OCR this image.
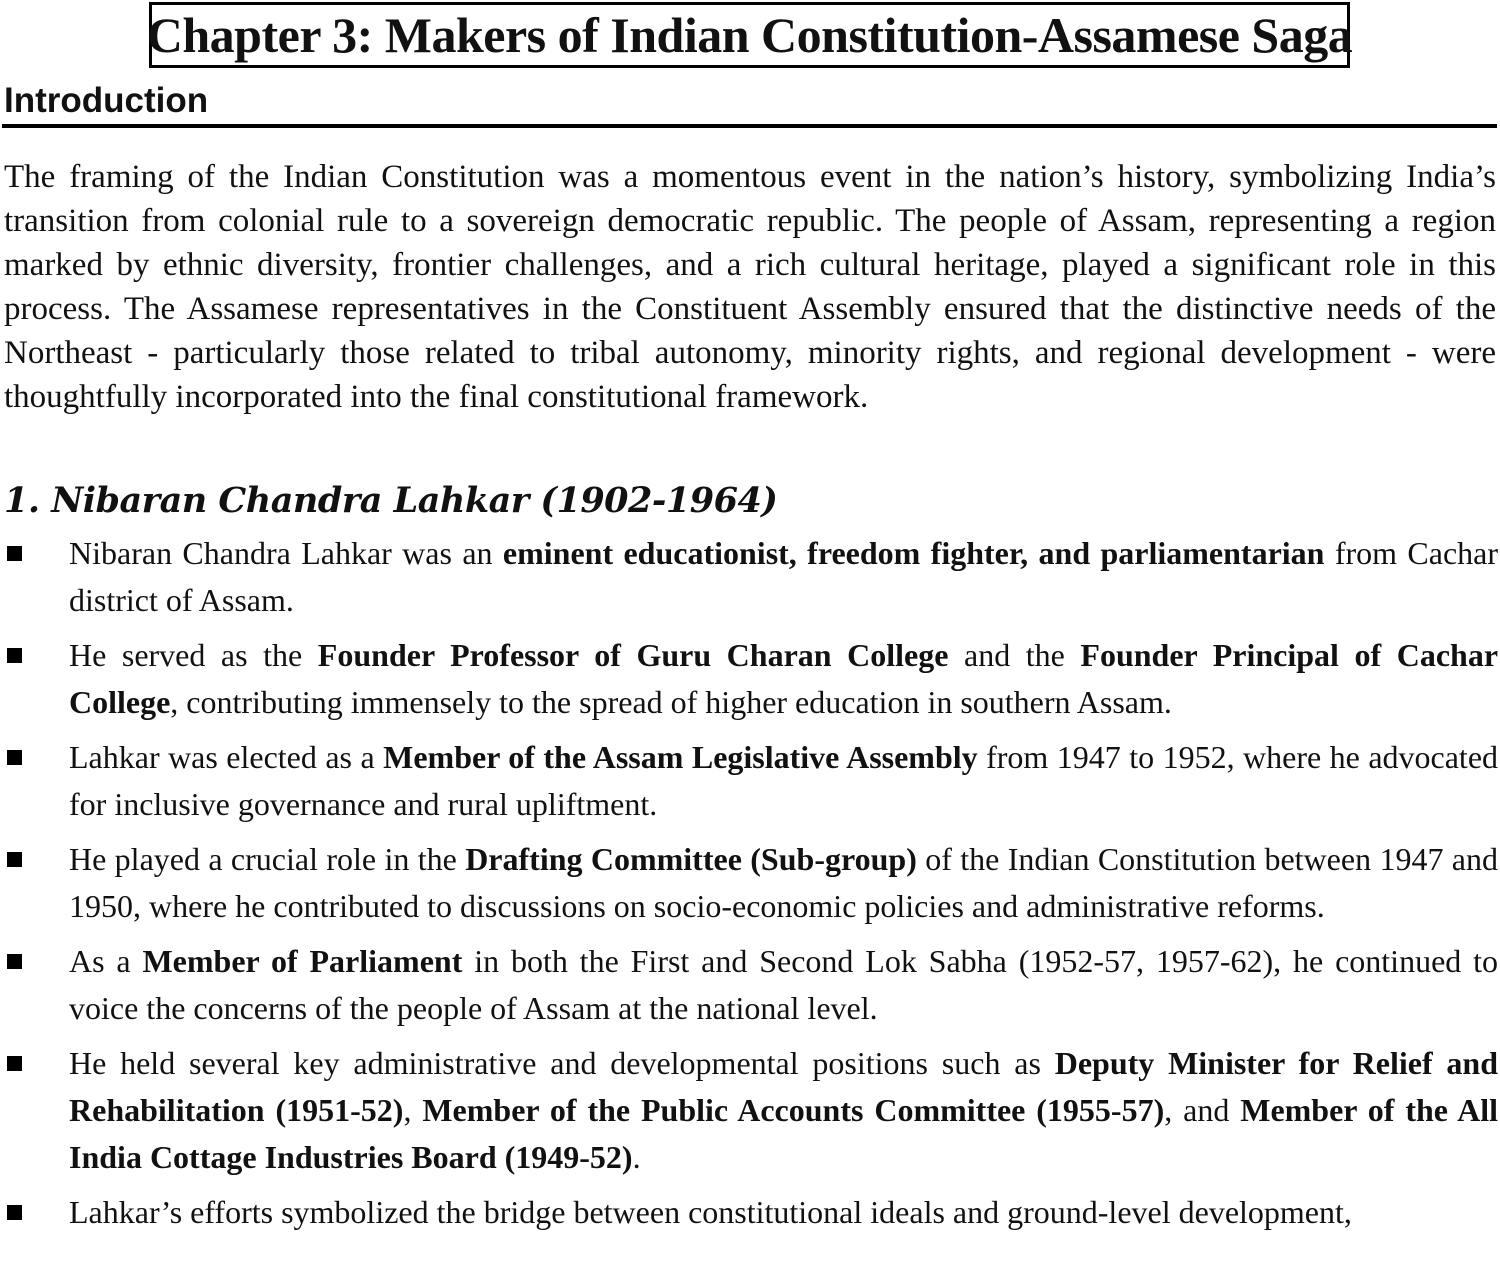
Chapter 3: Makers of Indian Constitution-Assamese Saga
Introduction

The framing of the Indian Constitution was a momentous event in the nation’s history, symbolizing India’s transition from colonial rule to a sovereign democratic republic. The people of Assam, representing a region marked by ethnic diversity, frontier challenges, and a rich cultural heritage, played a significant role in this process. The Assamese representatives in the Constituent Assembly ensured that the distinctive needs of the Northeast - particularly those related to tribal autonomy, minority rights, and regional development - were thoughtfully incorporated into the final constitutional framework.

1. Nibaran Chandra Lahkar (1902-1964)
Nibaran Chandra Lahkar was an eminent educationist, freedom fighter, and parliamentarian from Cachar district of Assam.
He served as the Founder Professor of Guru Charan College and the Founder Principal of Cachar College, contributing immensely to the spread of higher education in southern Assam.
Lahkar was elected as a Member of the Assam Legislative Assembly from 1947 to 1952, where he advocated for inclusive governance and rural upliftment.
He played a crucial role in the Drafting Committee (Sub-group) of the Indian Constitution between 1947 and 1950, where he contributed to discussions on socio-economic policies and administrative reforms.
As a Member of Parliament in both the First and Second Lok Sabha (1952-57, 1957-62), he continued to voice the concerns of the people of Assam at the national level.
He held several key administrative and developmental positions such as Deputy Minister for Relief and Rehabilitation (1951-52), Member of the Public Accounts Committee (1955-57), and Member of the All India Cottage Industries Board (1949-52).
Lahkar’s efforts symbolized the bridge between constitutional ideals and ground-level development,
